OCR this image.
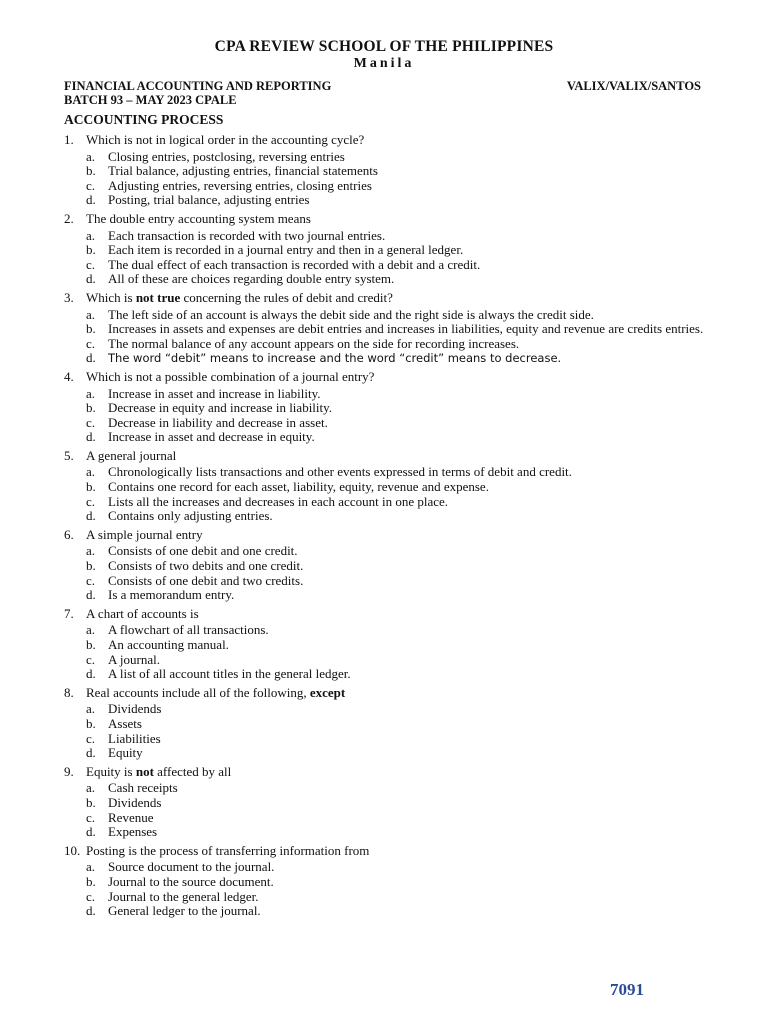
CPA REVIEW SCHOOL OF THE PHILIPPINES
Manila
FINANCIAL ACCOUNTING AND REPORTING	VALIX/VALIX/SANTOS
BATCH 93 – MAY 2023 CPALE
ACCOUNTING PROCESS
1. Which is not in logical order in the accounting cycle?
a. Closing entries, postclosing, reversing entries
b. Trial balance, adjusting entries, financial statements
c. Adjusting entries, reversing entries, closing entries
d. Posting, trial balance, adjusting entries
2. The double entry accounting system means
a. Each transaction is recorded with two journal entries.
b. Each item is recorded in a journal entry and then in a general ledger.
c. The dual effect of each transaction is recorded with a debit and a credit.
d. All of these are choices regarding double entry system.
3. Which is not true concerning the rules of debit and credit?
a. The left side of an account is always the debit side and the right side is always the credit side.
b. Increases in assets and expenses are debit entries and increases in liabilities, equity and revenue are credits entries.
c. The normal balance of any account appears on the side for recording increases.
d.	The word “debit” means to increase and the word “credit” means to decrease.
4. Which is not a possible combination of a journal entry?
a. Increase in asset and increase in liability.
b. Decrease in equity and increase in liability.
c. Decrease in liability and decrease in asset.
d. Increase in asset and decrease in equity.
5. A general journal
a. Chronologically lists transactions and other events expressed in terms of debit and credit.
b. Contains one record for each asset, liability, equity, revenue and expense.
c. Lists all the increases and decreases in each account in one place.
d. Contains only adjusting entries.
6. A simple journal entry
a. Consists of one debit and one credit.
b. Consists of two debits and one credit.
c. Consists of one debit and two credits.
d. Is a memorandum entry.
7. A chart of accounts is
a. A flowchart of all transactions.
b. An accounting manual.
c. A journal.
d. A list of all account titles in the general ledger.
8. Real accounts include all of the following, except
a. Dividends
b. Assets
c. Liabilities
d. Equity
9. Equity is not affected by all
a. Cash receipts
b. Dividends
c. Revenue
d. Expenses
10. Posting is the process of transferring information from
a. Source document to the journal.
b. Journal to the source document.
c. Journal to the general ledger.
d. General ledger to the journal.
7091
